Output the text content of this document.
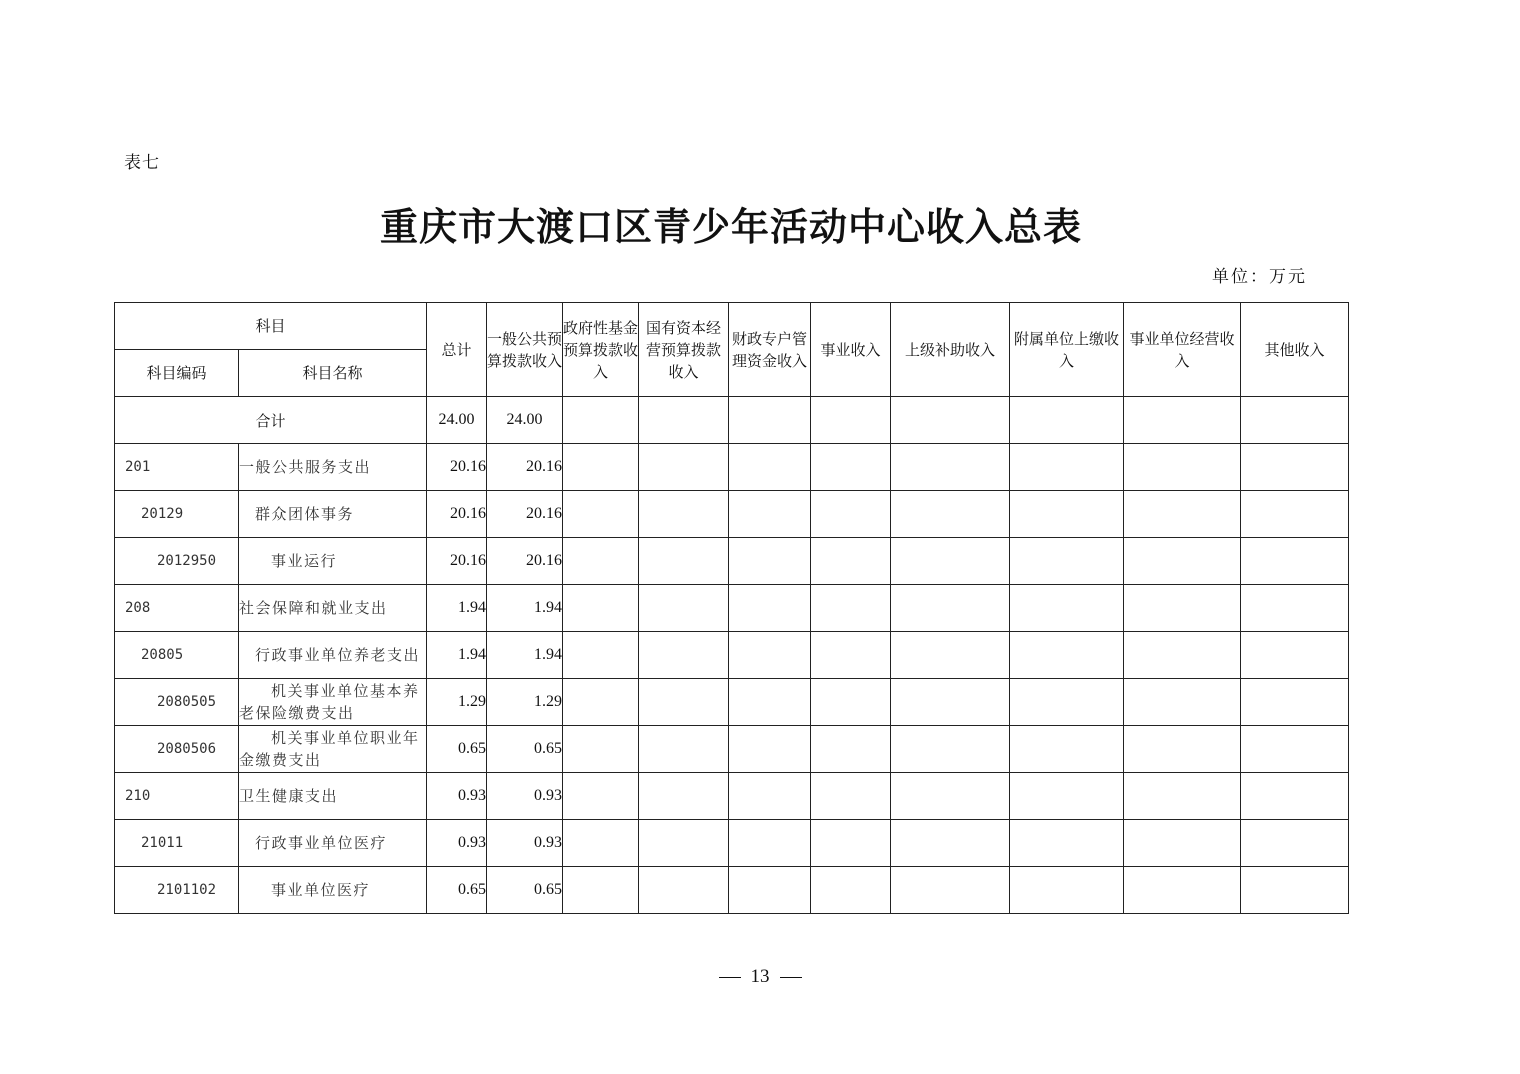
表七
重庆市大渡口区青少年活动中心收入总表
单位：万元
科目		总计	一般公共预算拨款收入	政府性基金预算拨款收入	国有资本经营预算拨款收入	财政专户管理资金收入	事业收入	上级补助收入	附属单位上缴收入	事业单位经营收入	其他收入
科目编码	科目名称										
合计		24.00	24.00								
201	一般公共服务支出	20.16	20.16								
20129	群众团体事务	20.16	20.16								
2012950	事业运行	20.16	20.16								
208	社会保障和就业支出	1.94	1.94								
20805	行政事业单位养老支出	1.94	1.94								
2080505	机关事业单位基本养老保险缴费支出	1.29	1.29								
2080506	机关事业单位职业年金缴费支出	0.65	0.65								
210	卫生健康支出	0.93	0.93								
21011	行政事业单位医疗	0.93	0.93								
2101102	事业单位医疗	0.65	0.65								
13
